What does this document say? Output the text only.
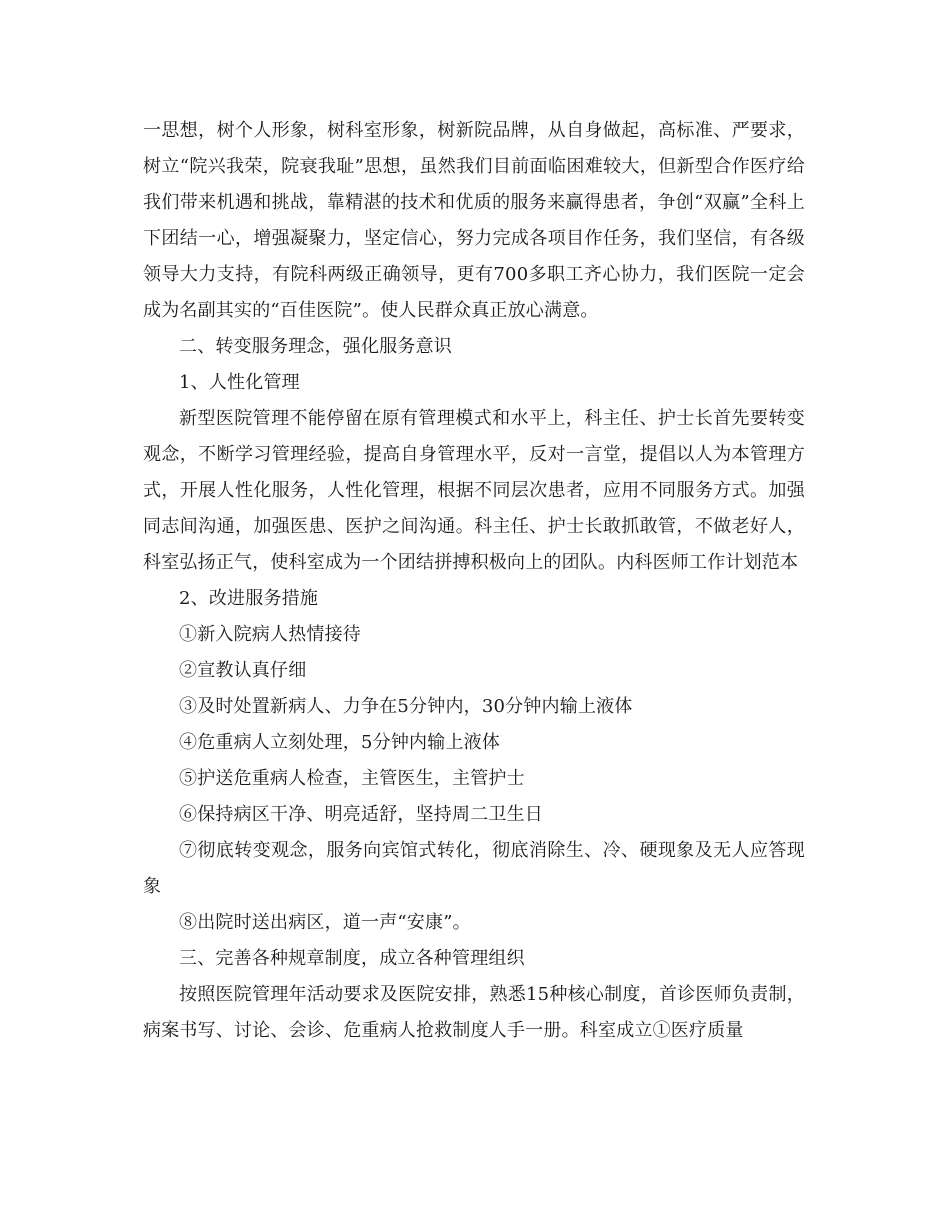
一思想，树个人形象，树科室形象，树新院品牌，从自身做起，高标准、严要求，树立“院兴我荣，院衰我耻”思想，虽然我们目前面临困难较大，但新型合作医疗给我们带来机遇和挑战，靠精湛的技术和优质的服务来赢得患者，争创“双赢”全科上下团结一心，增强凝聚力，坚定信心，努力完成各项目作任务，我们坚信，有各级领导大力支持，有院科两级正确领导，更有700多职工齐心协力，我们医院一定会成为名副其实的“百佳医院”。使人民群众真正放心满意。

二、转变服务理念，强化服务意识

1、人性化管理

新型医院管理不能停留在原有管理模式和水平上，科主任、护士长首先要转变观念，不断学习管理经验，提高自身管理水平，反对一言堂，提倡以人为本管理方式，开展人性化服务，人性化管理，根据不同层次患者，应用不同服务方式。加强同志间沟通，加强医患、医护之间沟通。科主任、护士长敢抓敢管，不做老好人，科室弘扬正气，使科室成为一个团结拼搏积极向上的团队。内科医师工作计划范本

2、改进服务措施

①新入院病人热情接待

②宣教认真仔细

③及时处置新病人、力争在5分钟内，30分钟内输上液体

④危重病人立刻处理，5分钟内输上液体

⑤护送危重病人检查，主管医生，主管护士

⑥保持病区干净、明亮适舒，坚持周二卫生日

⑦彻底转变观念，服务向宾馆式转化，彻底消除生、冷、硬现象及无人应答现象

⑧出院时送出病区，道一声“安康”。

三、完善各种规章制度，成立各种管理组织

按照医院管理年活动要求及医院安排，熟悉15种核心制度，首诊医师负责制，病案书写、讨论、会诊、危重病人抢救制度人手一册。科室成立①医疗质量
